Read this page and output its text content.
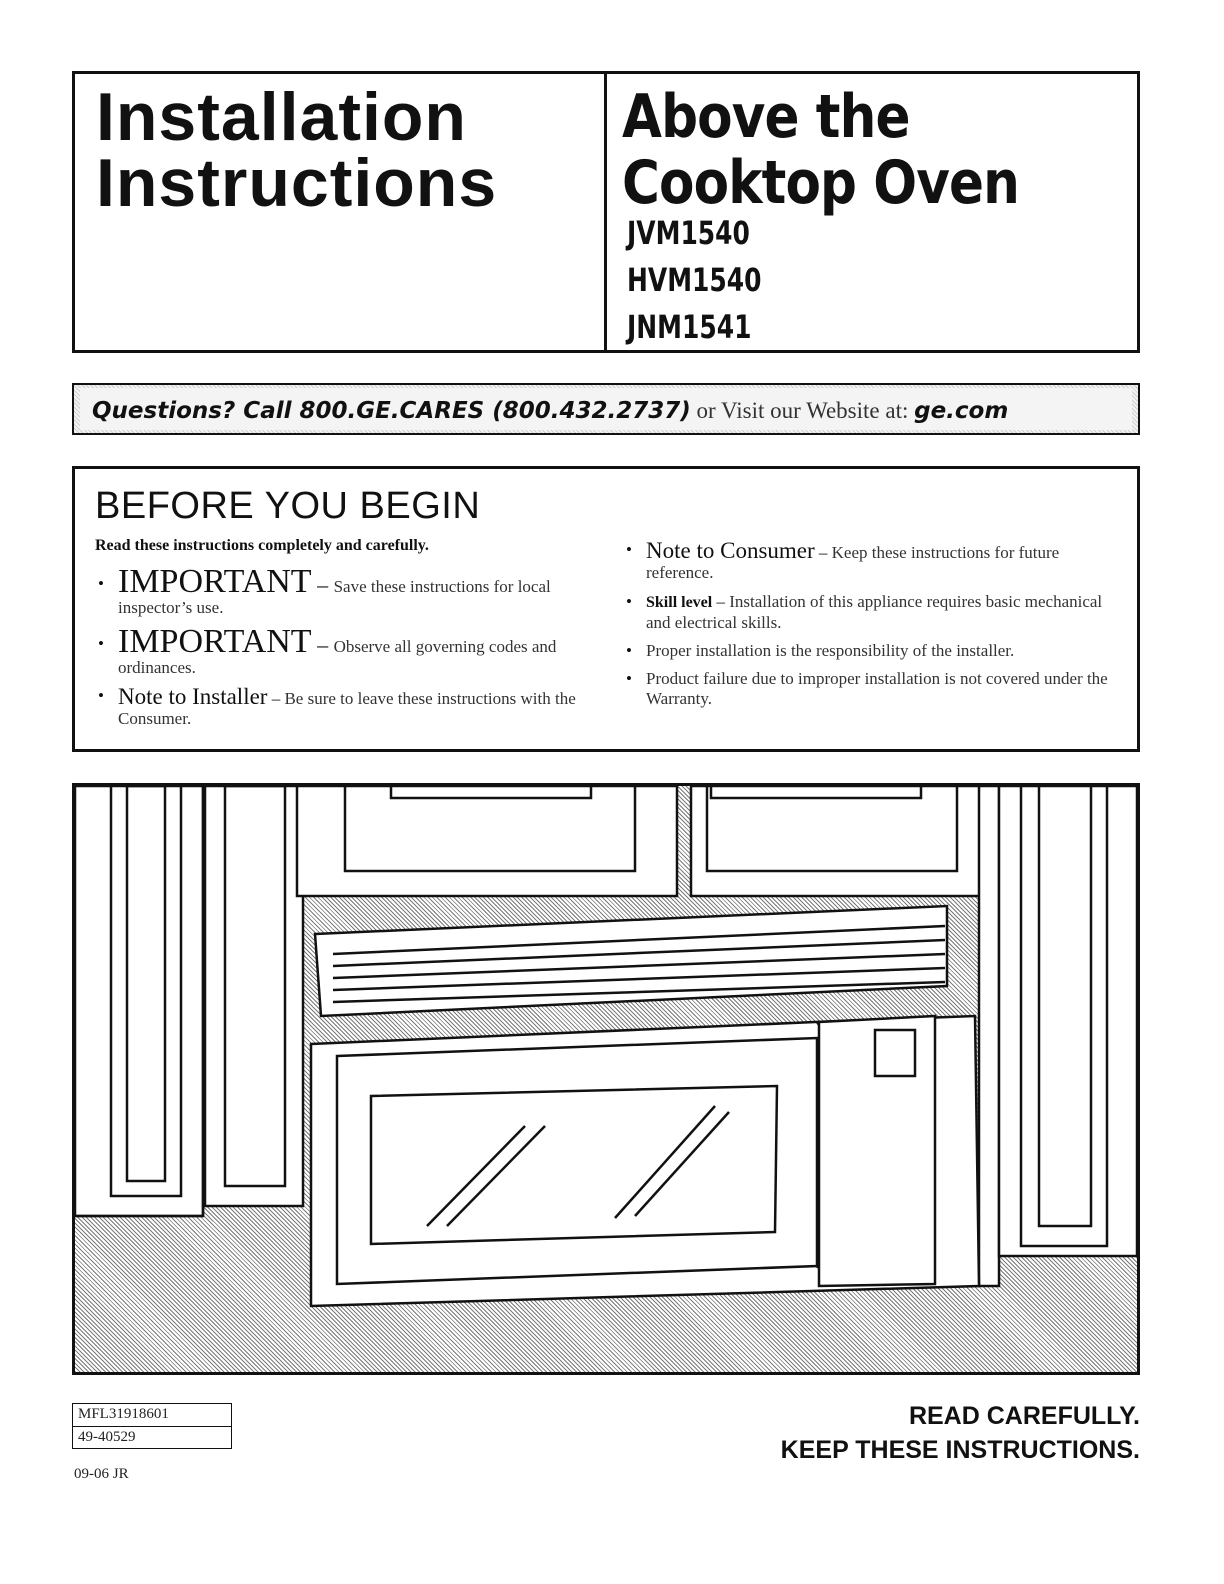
Installation
Instructions
Above the
Cooktop Oven
JVM1540
HVM1540
JNM1541
Questions? Call 800.GE.CARES (800.432.2737) or Visit our Website at: ge.com
BEFORE YOU BEGIN
Read these instructions completely and carefully.
• IMPORTANT – Save these instructions for local inspector’s use.
• IMPORTANT – Observe all governing codes and ordinances.
• Note to Installer – Be sure to leave these instructions with the Consumer.
• Note to Consumer – Keep these instructions for future reference.
• Skill level – Installation of this appliance requires basic mechanical and electrical skills.
• Proper installation is the responsibility of the installer.
• Product failure due to improper installation is not covered under the Warranty.
MFL31918601
49-40529
09-06 JR
READ CAREFULLY.
KEEP THESE INSTRUCTIONS.
